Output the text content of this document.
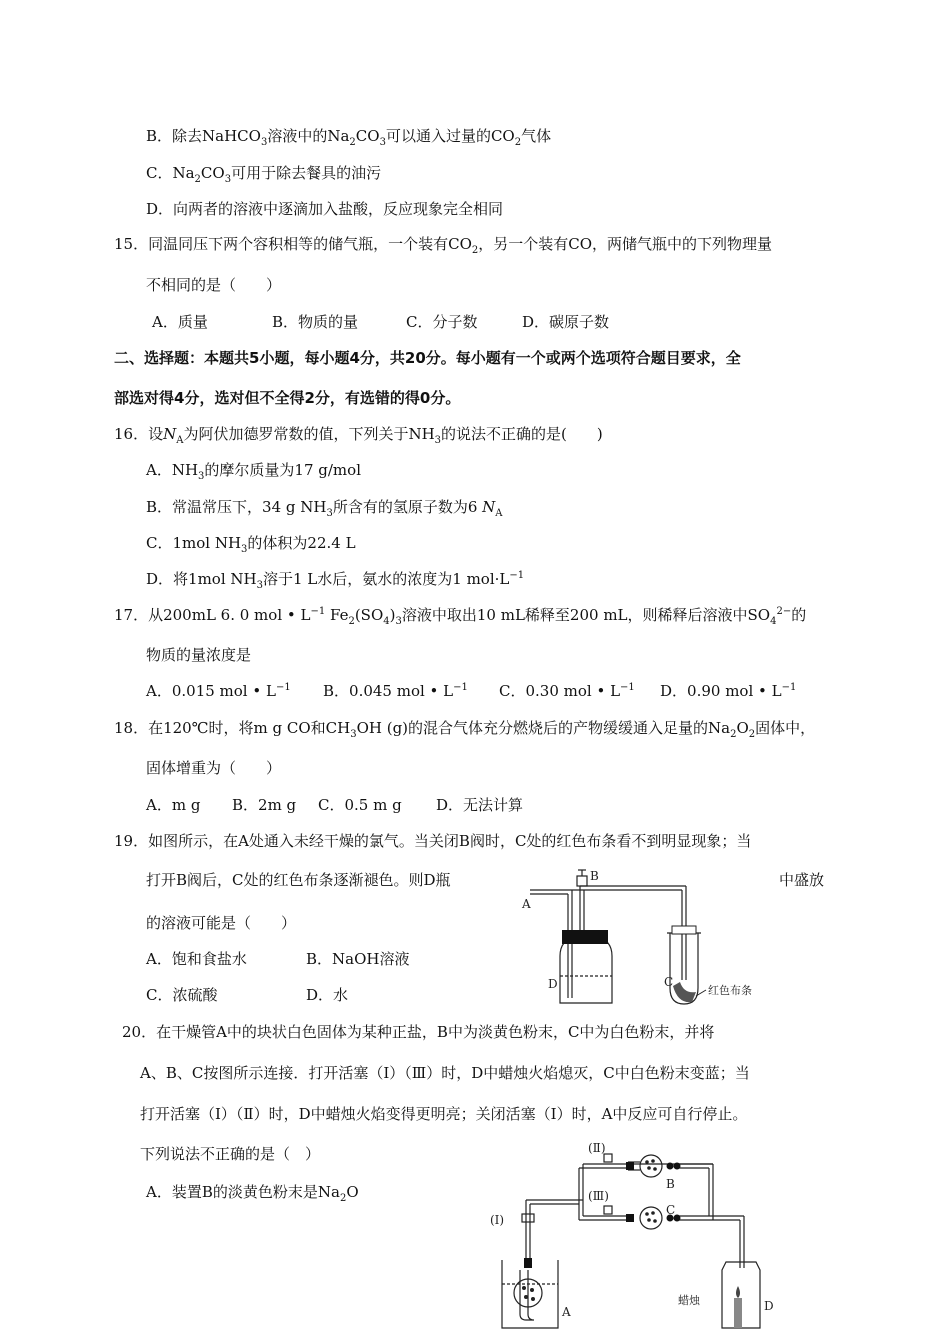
B．除去NaHCO$_3$溶液中的$Na_2CO_3$可以通入过量的$CO_2$气体
C．$Na_2CO_3$可用于除去餐具的油污
D．向两者的溶液中逐滴加入盐酸，反应现象完全相同
15．同温同压下两个容积相等的储气瓶，一个装有$CO_2$，另一个装有CO，两储气瓶中的下列物理量
不相同的是（　　）
A．质量	B．物质的量	C．分子数	D．碳原子数
二、选择题：本题共5小题，每小题4分，共20分。每小题有一个或两个选项符合题目要求，全
部选对得4分，选对但不全得2分，有选错的得0分。
16．设$N_A$为阿伏加德罗常数的值，下列关于$NH_3$的说法不正确的是(　　)
A．$NH_3$的摩尔质量为17 g/mol
B．常温常压下，34 g $NH_3$所含有的氢原子数为6 $N_A$
C．1mol $NH_3$的体积为22.4 L
D．将1mol $NH_3$溶于1 L水后，氨水的浓度为1 $mol\cdot L^{-1}$
17．从200mL 6. 0 mol • $L^{-1}$ $Fe_2(SO_4)_3$溶液中取出10 mL稀释至200 mL，则稀释后溶液中$SO_4^{2-}$的
物质的量浓度是
A．0.015 mol • $L^{-1}$ B．0.045 mol • $L^{-1}$ C．0.30 mol • $L^{-1}$ D．0.90 mol • $L^{-1}$
18．在120℃时，将m g CO和$CH_3OH$ (g)的混合气体充分燃烧后的产物缓缓通入足量的$Na_2O_2$固体中，
固体增重为（　　）
A．m g B．2m g C．0.5 m g D．无法计算
19．如图所示，在A处通入未经干燥的氯气。当关闭B阀时，C处的红色布条看不到明显现象；当
打开B阀后，C处的红色布条逐渐褪色。则D瓶	中盛放
的溶液可能是（　　）
A．饱和食盐水	B．NaOH溶液
C．浓硫酸	D．水
A
B
C
D	红色布条
20．在干燥管A中的块状白色固体为某种正盐，B中为淡黄色粉末，C中为白色粉末，并将
A、B、C按图所示连接．打开活塞（Ⅰ）（Ⅲ）时，D中蜡烛火焰熄灭，C中白色粉末变蓝；当
打开活塞（Ⅰ）（Ⅱ）时，D中蜡烛火焰变得更明亮；关闭活塞（Ⅰ）时，A中反应可自行停止。
下列说法不正确的是（　）
A．装置B的淡黄色粉末是$Na_2O$
(Ⅱ)
(Ⅲ)
(Ⅰ)
B
C
A	D
蜡烛
